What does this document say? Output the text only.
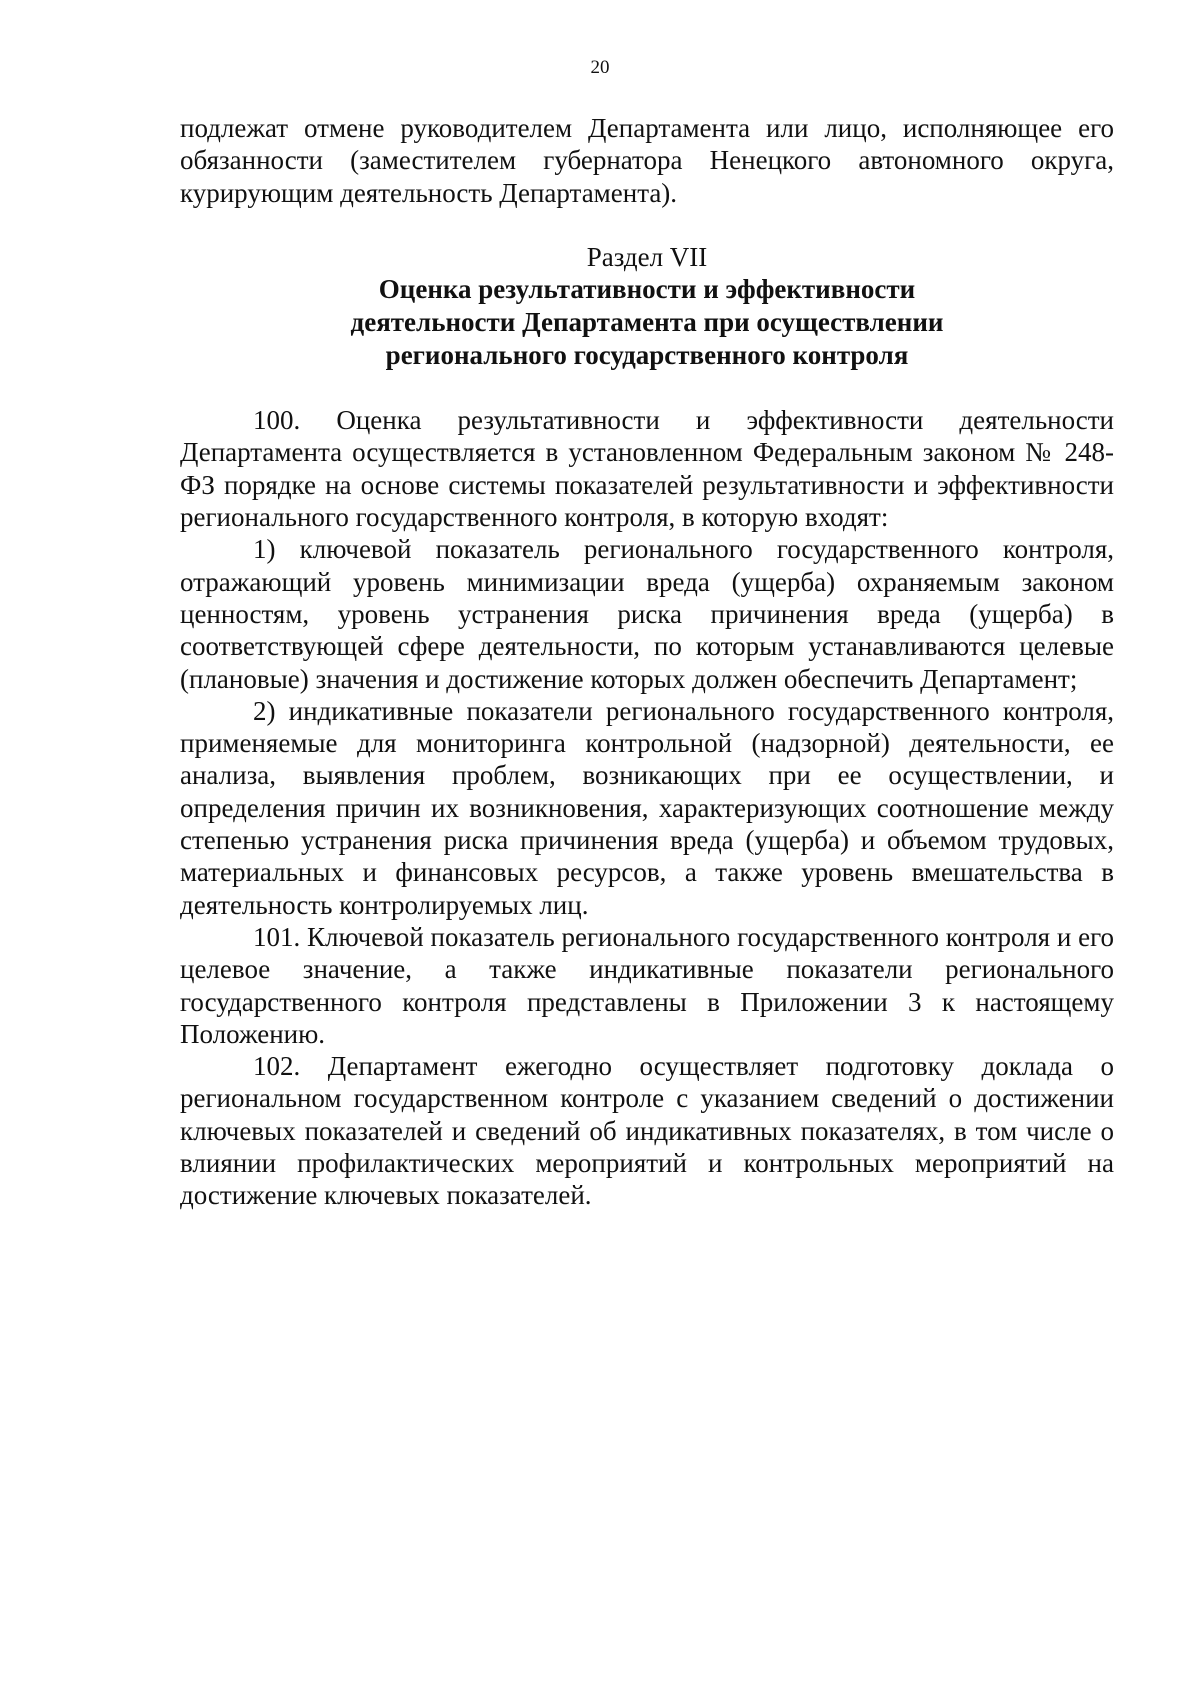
20

подлежат отмене руководителем Департамента или лицо, исполняющее его обязанности (заместителем губернатора Ненецкого автономного округа, курирующим деятельность Департамента).

Раздел VII

Оценка результативности и эффективности

деятельности Департамента при осуществлении

регионального государственного контроля

100. Оценка результативности и эффективности деятельности Департамента осуществляется в установленном Федеральным законом № 248-ФЗ порядке на основе системы показателей результативности и эффективности регионального государственного контроля, в которую входят:

1) ключевой показатель регионального государственного контроля, отражающий уровень минимизации вреда (ущерба) охраняемым законом ценностям, уровень устранения риска причинения вреда (ущерба) в соответствующей сфере деятельности, по которым устанавливаются целевые (плановые) значения и достижение которых должен обеспечить Департамент;

2) индикативные показатели регионального государственного контроля, применяемые для мониторинга контрольной (надзорной) деятельности, ее анализа, выявления проблем, возникающих при ее осуществлении, и определения причин их возникновения, характеризующих соотношение между степенью устранения риска причинения вреда (ущерба) и объемом трудовых, материальных и финансовых ресурсов, а также уровень вмешательства в деятельность контролируемых лиц.

101. Ключевой показатель регионального государственного контроля и его целевое значение, а также индикативные показатели регионального государственного контроля представлены в Приложении 3 к настоящему Положению.

102. Департамент ежегодно осуществляет подготовку доклада о региональном государственном контроле с указанием сведений о достижении ключевых показателей и сведений об индикативных показателях, в том числе о влиянии профилактических мероприятий и контрольных мероприятий на достижение ключевых показателей.
